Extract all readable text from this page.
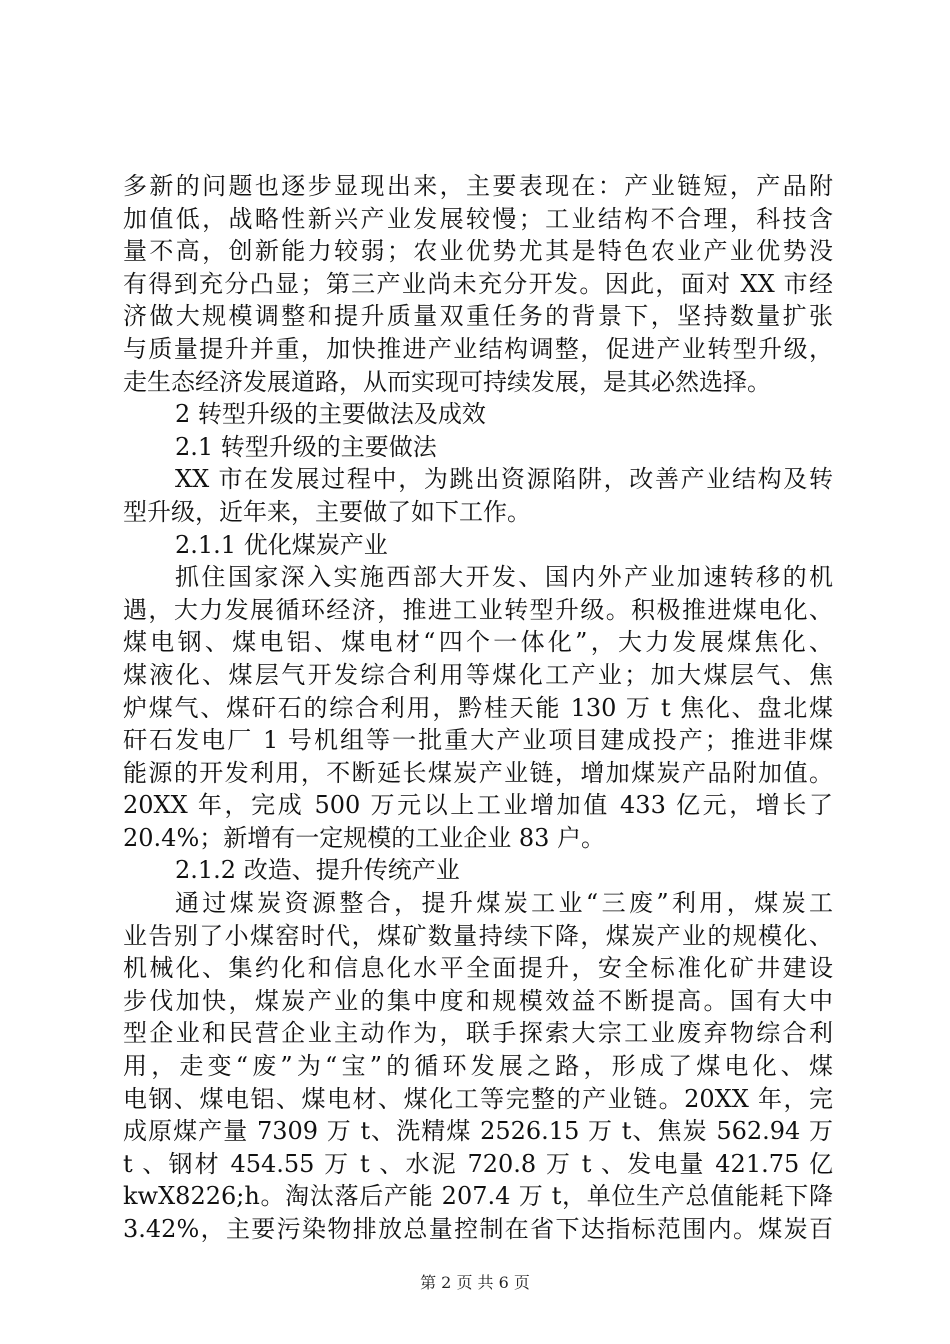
多新的问题也逐步显现出来，主要表现在：产业链短，产品附
加值低，战略性新兴产业发展较慢；工业结构不合理，科技含
量不高，创新能力较弱；农业优势尤其是特色农业产业优势没
有得到充分凸显；第三产业尚未充分开发。因此，面对 XX 市经
济做大规模调整和提升质量双重任务的背景下，坚持数量扩张
与质量提升并重，加快推进产业结构调整，促进产业转型升级，
走生态经济发展道路，从而实现可持续发展，是其必然选择。
2 转型升级的主要做法及成效
2.1 转型升级的主要做法
XX 市在发展过程中，为跳出资源陷阱，改善产业结构及转
型升级，近年来，主要做了如下工作。
2.1.1 优化煤炭产业
抓住国家深入实施西部大开发、国内外产业加速转移的机
遇，大力发展循环经济，推进工业转型升级。积极推进煤电化、
煤电钢、煤电铝、煤电材“四个一体化”，大力发展煤焦化、
煤液化、煤层气开发综合利用等煤化工产业；加大煤层气、焦
炉煤气、煤矸石的综合利用，黔桂天能 130 万 t 焦化、盘北煤
矸石发电厂 1 号机组等一批重大产业项目建成投产；推进非煤
能源的开发利用，不断延长煤炭产业链，增加煤炭产品附加值。
20XX 年，完成 500 万元以上工业增加值 433 亿元，增长了
20.4%；新增有一定规模的工业企业 83 户。
2.1.2 改造、提升传统产业
通过煤炭资源整合，提升煤炭工业“三废”利用，煤炭工
业告别了小煤窑时代，煤矿数量持续下降，煤炭产业的规模化、
机械化、集约化和信息化水平全面提升，安全标准化矿井建设
步伐加快，煤炭产业的集中度和规模效益不断提高。国有大中
型企业和民营企业主动作为，联手探索大宗工业废弃物综合利
用，走变“废”为“宝”的循环发展之路，形成了煤电化、煤
电钢、煤电铝、煤电材、煤化工等完整的产业链。20XX 年，完
成原煤产量 7309 万 t、洗精煤 2526.15 万 t、焦炭 562.94 万
t 、钢材 454.55 万 t 、水泥 720.8 万 t 、发电量 421.75 亿
kwX8226;h。淘汰落后产能 207.4 万 t，单位生产总值能耗下降
3.42%，主要污染物排放总量控制在省下达指标范围内。煤炭百
第 2 页 共 6 页
